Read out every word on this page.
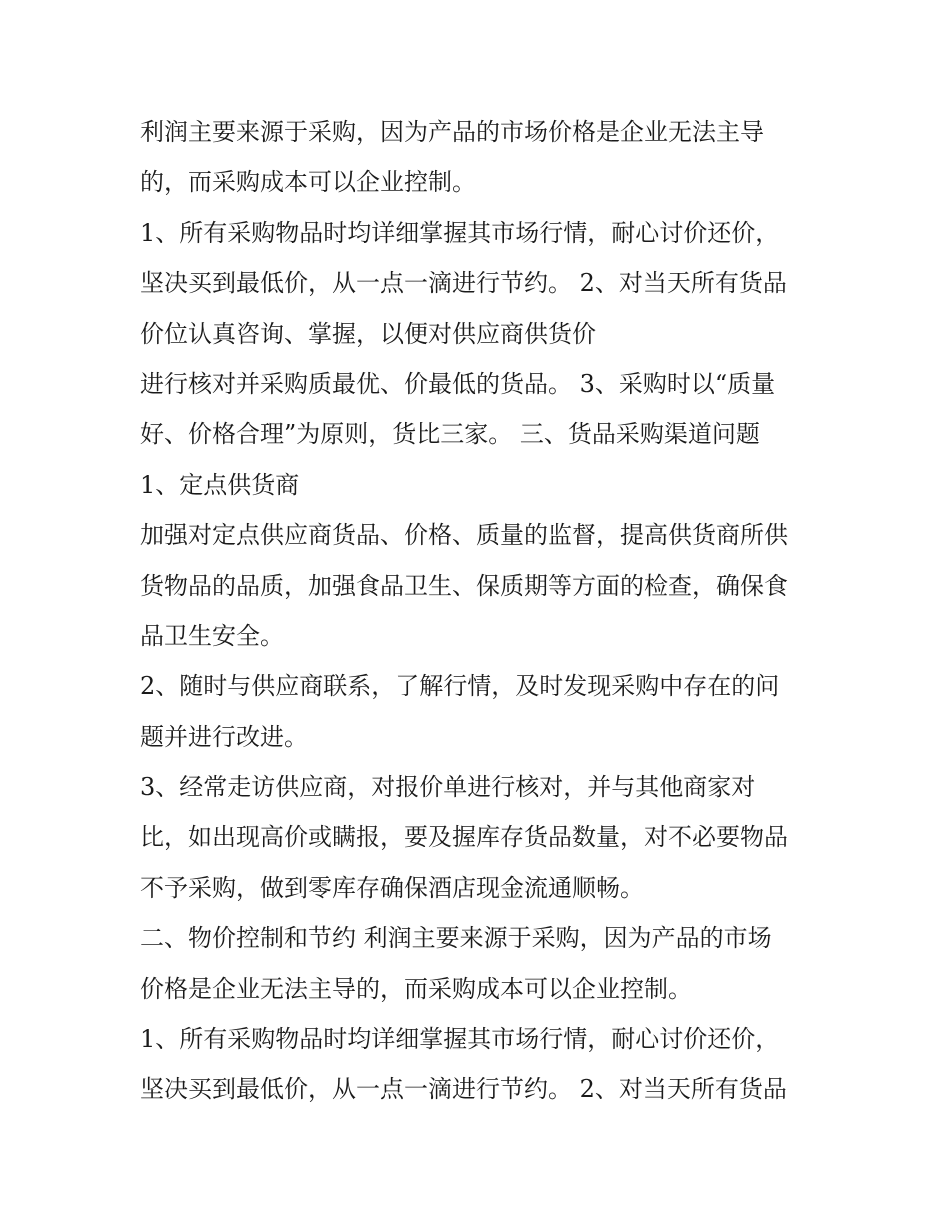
利润主要来源于采购，因为产品的市场价格是企业无法主导
的，而采购成本可以企业控制。
1、所有采购物品时均详细掌握其市场行情，耐心讨价还价，
坚决买到最低价，从一点一滴进行节约。 2、对当天所有货品
价位认真咨询、掌握，以便对供应商供货价
进行核对并采购质最优、价最低的货品。 3、采购时以“质量
好、价格合理”为原则，货比三家。 三、货品采购渠道问题
1、定点供货商
加强对定点供应商货品、价格、质量的监督，提高供货商所供
货物品的品质，加强食品卫生、保质期等方面的检查，确保食
品卫生安全。
2、随时与供应商联系，了解行情，及时发现采购中存在的问
题并进行改进。
3、经常走访供应商，对报价单进行核对，并与其他商家对
比，如出现高价或瞒报，要及握库存货品数量，对不必要物品
不予采购，做到零库存确保酒店现金流通顺畅。
二、物价控制和节约 利润主要来源于采购，因为产品的市场
价格是企业无法主导的，而采购成本可以企业控制。
1、所有采购物品时均详细掌握其市场行情，耐心讨价还价，
坚决买到最低价，从一点一滴进行节约。 2、对当天所有货品
